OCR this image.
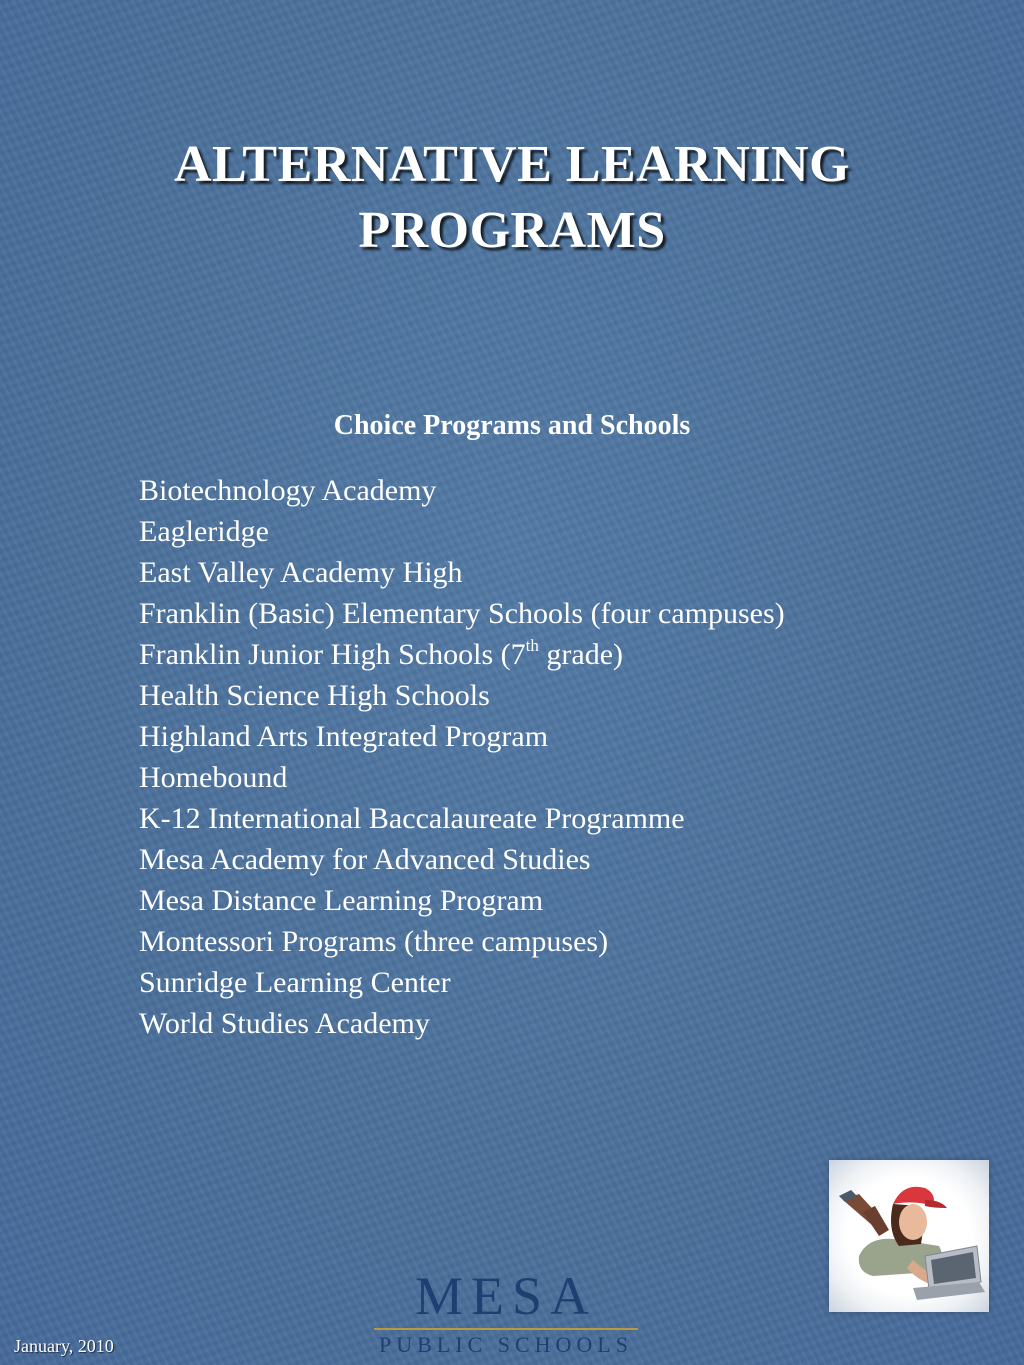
ALTERNATIVE LEARNING
PROGRAMS
Choice Programs and Schools
Biotechnology Academy
Eagleridge
East Valley Academy High
Franklin (Basic) Elementary Schools (four campuses)
Franklin Junior High Schools (7th grade)
Health Science High Schools
Highland Arts Integrated Program
Homebound
K-12 International Baccalaureate Programme
Mesa Academy for Advanced Studies
Mesa Distance Learning Program
Montessori Programs (three campuses)
Sunridge Learning Center
World Studies Academy
MESA
PUBLIC SCHOOLS
January, 2010
